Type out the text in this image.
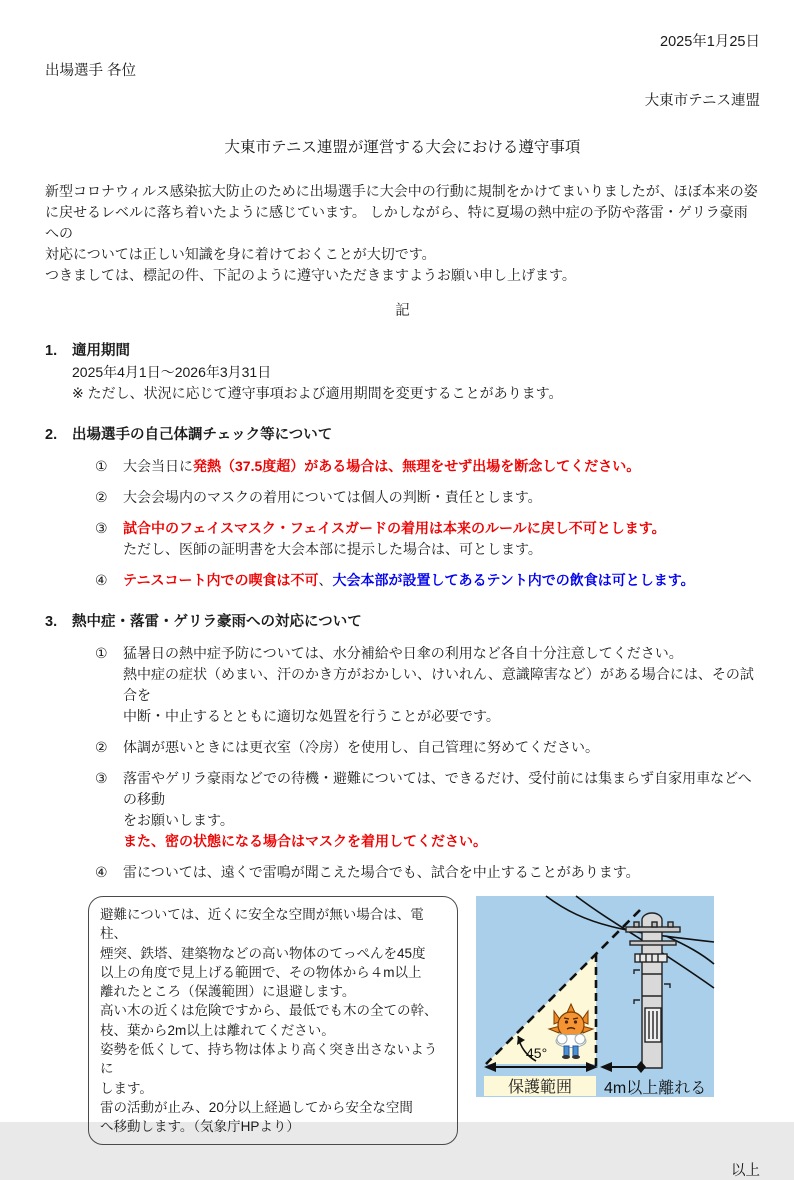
2025年1月25日
出場選手 各位
大東市テニス連盟
大東市テニス連盟が運営する大会における遵守事項
新型コロナウィルス感染拡大防止のために出場選手に大会中の行動に規制をかけてまいりましたが、ほぼ本来の姿
に戻せるレベルに落ち着いたように感じています。 しかしながら、特に夏場の熱中症の予防や落雷・ゲリラ豪雨への
対応については正しい知識を身に着けておくことが大切です。
つきましては、標記の件、下記のように遵守いただきますようお願い申し上げます。
記
1.	適用期間
2025年4月1日～2026年3月31日
※ ただし、状況に応じて遵守事項および適用期間を変更することがあります。
2.	出場選手の自己体調チェック等について
①	大会当日に発熱（37.5度超）がある場合は、無理をせず出場を断念してください。
②	大会会場内のマスクの着用については個人の判断・責任とします。
③	試合中のフェイスマスク・フェイスガードの着用は本来のルールに戻し不可とします。
ただし、医師の証明書を大会本部に提示した場合は、可とします。
④	テニスコート内での喫食は不可、大会本部が設置してあるテント内での飲食は可とします。
3.	熱中症・落雷・ゲリラ豪雨への対応について
①	猛暑日の熱中症予防については、水分補給や日傘の利用など各自十分注意してください。
熱中症の症状（めまい、汗のかき方がおかしい、けいれん、意識障害など）がある場合には、その試合を
中断・中止するとともに適切な処置を行うことが必要です。
②	体調が悪いときには更衣室（冷房）を使用し、自己管理に努めてください。
③	落雷やゲリラ豪雨などでの待機・避難については、できるだけ、受付前には集まらず自家用車などへの移動
をお願いします。
また、密の状態になる場合はマスクを着用してください。
④	雷については、遠くで雷鳴が聞こえた場合でも、試合を中止することがあります。
避難については、近くに安全な空間が無い場合は、電柱、
煙突、鉄塔、建築物などの高い物体のてっぺんを45度
以上の角度で見上げる範囲で、その物体から４m以上
離れたところ（保護範囲）に退避します。
高い木の近くは危険ですから、最低でも木の全ての幹、
枝、葉から2m以上は離れてください。
姿勢を低くして、持ち物は体より高く突き出さないように
します。
雷の活動が止み、20分以上経過してから安全な空間
へ移動します。（気象庁HPより）
45°
保護範囲 4m以上離れる
以上
